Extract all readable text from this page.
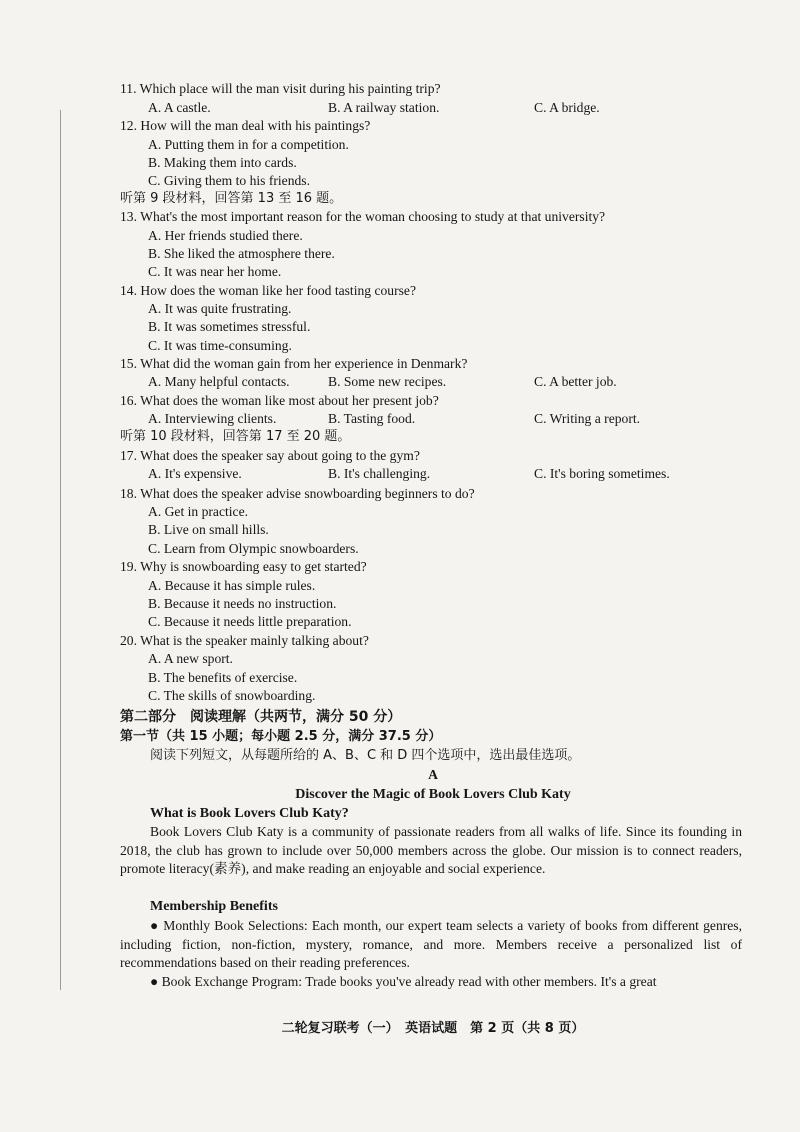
11. Which place will the man visit during his painting trip?
A. A castle.	B. A railway station.	C. A bridge.
12. How will the man deal with his paintings?
A. Putting them in for a competition.
B. Making them into cards.
C. Giving them to his friends.
听第 9 段材料，回答第 13 至 16 题。
13. What's the most important reason for the woman choosing to study at that university?
A. Her friends studied there.
B. She liked the atmosphere there.
C. It was near her home.
14. How does the woman like her food tasting course?
A. It was quite frustrating.
B. It was sometimes stressful.
C. It was time-consuming.
15. What did the woman gain from her experience in Denmark?
A. Many helpful contacts.	B. Some new recipes.	C. A better job.
16. What does the woman like most about her present job?
A. Interviewing clients.	B. Tasting food.	C. Writing a report.
听第 10 段材料，回答第 17 至 20 题。
17. What does the speaker say about going to the gym?
A. It's expensive.	B. It's challenging.	C. It's boring sometimes.
18. What does the speaker advise snowboarding beginners to do?
A. Get in practice.
B. Live on small hills.
C. Learn from Olympic snowboarders.
19. Why is snowboarding easy to get started?
A. Because it has simple rules.
B. Because it needs no instruction.
C. Because it needs little preparation.
20. What is the speaker mainly talking about?
A. A new sport.
B. The benefits of exercise.
C. The skills of snowboarding.
第二部分　阅读理解（共两节，满分 50 分）
第一节（共 15 小题；每小题 2.5 分，满分 37.5 分）
阅读下列短文，从每题所给的 A、B、C 和 D 四个选项中，选出最佳选项。
A
Discover the Magic of Book Lovers Club Katy
What is Book Lovers Club Katy?

Book Lovers Club Katy is a community of passionate readers from all walks of life. Since its founding in 2018, the club has grown to include over 50,000 members across the globe. Our mission is to connect readers, promote literacy(素养), and make reading an enjoyable and social experience.

Membership Benefits

● Monthly Book Selections: Each month, our expert team selects a variety of books from different genres, including fiction, non-fiction, mystery, romance, and more. Members receive a personalized list of recommendations based on their reading preferences.

● Book Exchange Program: Trade books you've already read with other members. It's a great

二轮复习联考（一）　英语试题　第 2 页（共 8 页）
